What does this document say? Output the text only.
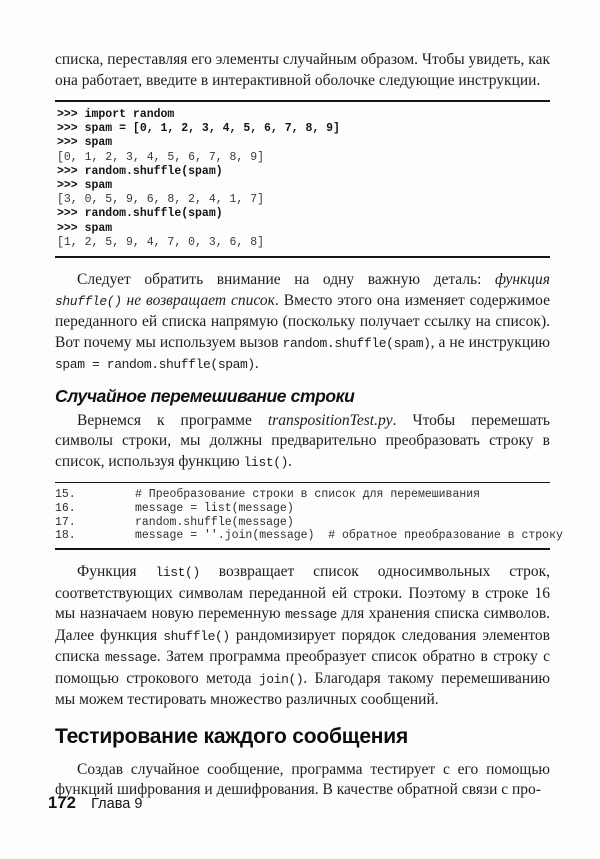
списка, переставляя его элементы случайным образом. Чтобы увидеть, как она работает, введите в интерактивной оболочке следующие инструкции.

>>> import random
>>> spam = [0, 1, 2, 3, 4, 5, 6, 7, 8, 9]
>>> spam
[0, 1, 2, 3, 4, 5, 6, 7, 8, 9]
>>> random.shuffle(spam)
>>> spam
[3, 0, 5, 9, 6, 8, 2, 4, 1, 7]
>>> random.shuffle(spam)
>>> spam
[1, 2, 5, 9, 4, 7, 0, 3, 6, 8]

Следует обратить внимание на одну важную деталь: функция shuffle() не возвращает список. Вместо этого она изменяет содержимое переданного ей списка напрямую (поскольку получает ссылку на список). Вот почему мы используем вызов random.shuffle(spam), а не инструкцию spam = random.shuffle(spam).

Случайное перемешивание строки

Вернемся к программе transpositionTest.py. Чтобы перемешать символы строки, мы должны предварительно преобразовать строку в список, используя функцию list().

15.	# Преобразование строки в список для перемешивания
16.	message = list(message)
17.	random.shuffle(message)
18.	message = ''.join(message)  # обратное преобразование в строку

Функция list() возвращает список односимвольных строк, соответствующих символам переданной ей строки. Поэтому в строке 16 мы назначаем новую переменную message для хранения списка символов. Далее функция shuffle() рандомизирует порядок следования элементов списка message. Затем программа преобразует список обратно в строку с помощью строкового метода join(). Благодаря такому перемешиванию мы можем тестировать множество различных сообщений.

Тестирование каждого сообщения

Создав случайное сообщение, программа тестирует с его помощью функций шифрования и дешифрования. В качестве обратной связи с про-

172 Глава 9
